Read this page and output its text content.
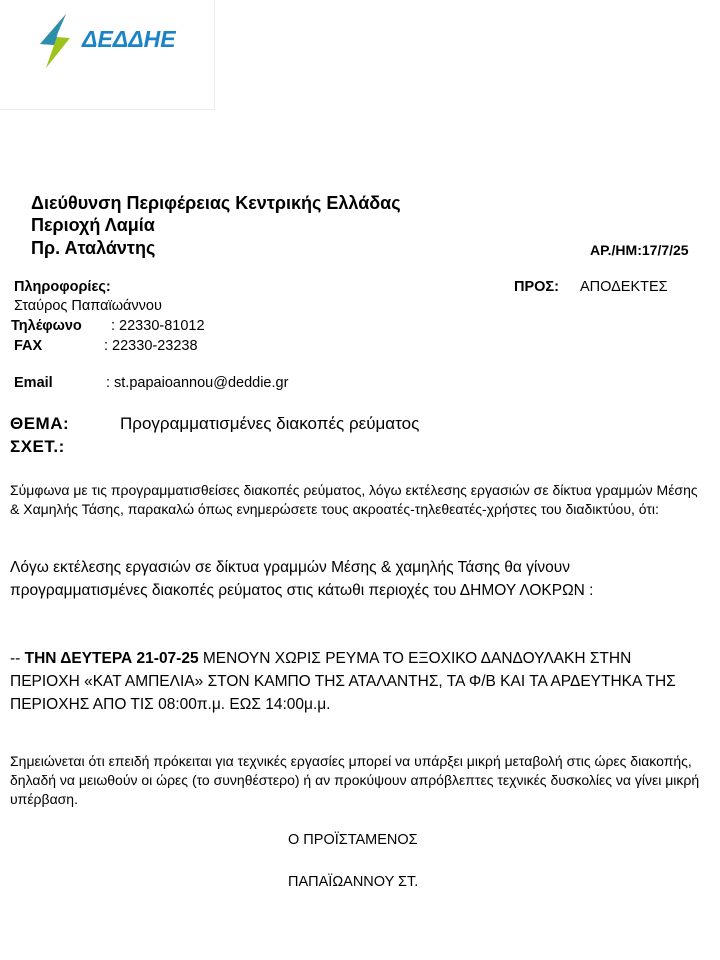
ΔΕΔΔΗΕ
Διεύθυνση Περιφέρειας Κεντρικής Ελλάδας
Περιοχή Λαμία
Πρ. Αταλάντης	ΑΡ./ΗΜ:17/7/25
Πληροφορίες:
Σταύρος Παπαϊωάννου
Τηλέφωνο : 22330-81012
FAX	: 22330-23238
Email	: st.papaioannou@deddie.gr
ΠΡΟΣ: ΑΠΟΔΕΚΤΕΣ
ΘΕΜΑ:	Προγραμματισμένες διακοπές ρεύματος
ΣΧΕΤ.:
Σύμφωνα με τις προγραμματισθείσες διακοπές ρεύματος, λόγω εκτέλεσης εργασιών σε δίκτυα γραμμών Μέσης & Χαμηλής Τάσης, παρακαλώ όπως ενημερώσετε τους ακροατές-τηλεθεατές-χρήστες του διαδικτύου, ότι:
Λόγω εκτέλεσης εργασιών σε δίκτυα γραμμών Μέσης & χαμηλής Τάσης θα γίνουν προγραμματισμένες διακοπές ρεύματος στις κάτωθι περιοχές του ΔΗΜΟΥ ΛΟΚΡΩΝ :
-- ΤΗΝ ΔΕΥΤΕΡΑ 21-07-25 ΜΕΝΟΥΝ ΧΩΡΙΣ ΡΕΥΜΑ ΤΟ ΕΞΟΧΙΚΟ ΔΑΝΔΟΥΛΑΚΗ ΣΤΗΝ ΠΕΡΙΟΧΗ «ΚΑΤ ΑΜΠΕΛΙΑ» ΣΤΟΝ ΚΑΜΠΟ ΤΗΣ ΑΤΑΛΑΝΤΗΣ, ΤΑ Φ/Β ΚΑΙ ΤΑ ΑΡΔΕΥΤΗΚΑ ΤΗΣ ΠΕΡΙΟΧΗΣ ΑΠΟ ΤΙΣ 08:00π.μ. ΕΩΣ 14:00μ.μ.
Σημειώνεται ότι επειδή πρόκειται για τεχνικές εργασίες μπορεί να υπάρξει μικρή μεταβολή στις ώρες διακοπής, δηλαδή να μειωθούν οι ώρες (το συνηθέστερο) ή αν προκύψουν απρόβλεπτες τεχνικές δυσκολίες να γίνει μικρή υπέρβαση.
Ο ΠΡΟΪΣΤΑΜΕΝΟΣ
ΠΑΠΑΪΩΑΝΝΟΥ ΣΤ.
